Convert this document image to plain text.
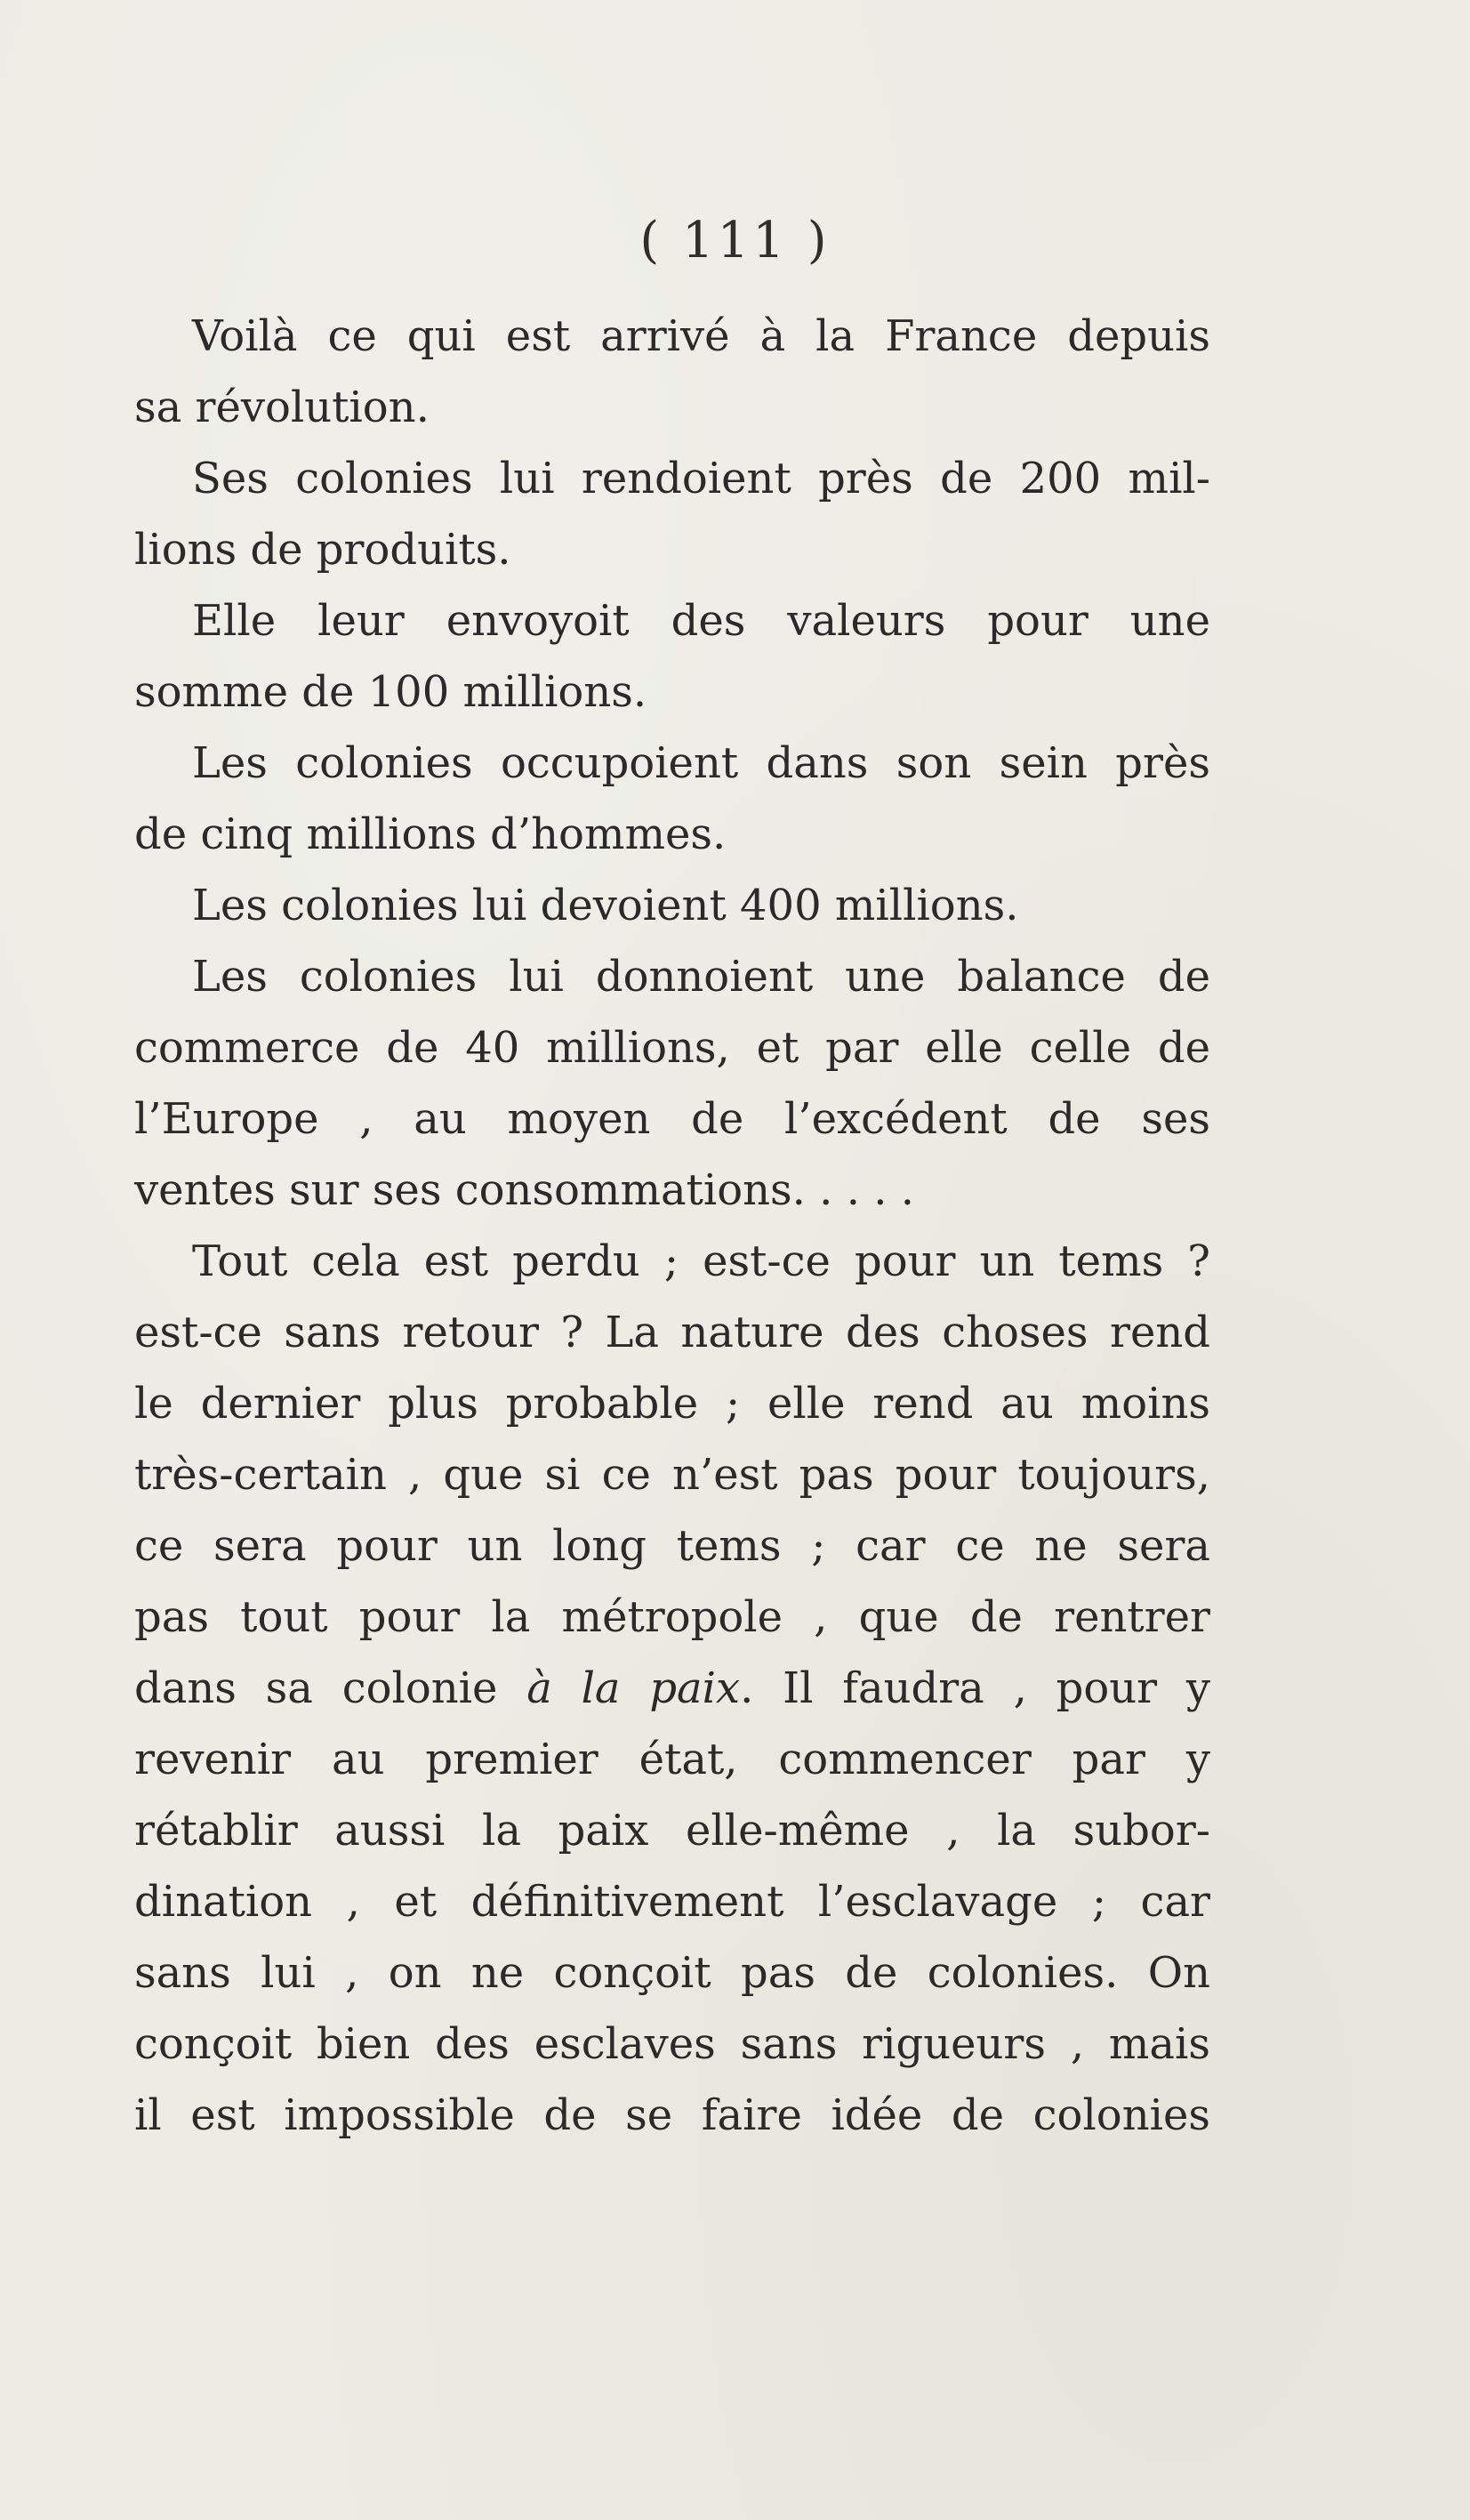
( 111 )
Voilà ce qui est arrivé à la France depuis
sa révolution.
Ses colonies lui rendoient près de 200 mil-
lions de produits.
Elle leur envoyoit des valeurs pour une
somme de 100 millions.
Les colonies occupoient dans son sein près
de cinq millions d’hommes.
Les colonies lui devoient 400 millions.
Les colonies lui donnoient une balance de
commerce de 40 millions, et par elle celle de
l’Europe , au moyen de l’excédent de ses
ventes sur ses consommations. . . . .
Tout cela est perdu ; est-ce pour un tems ?
est-ce sans retour ? La nature des choses rend
le dernier plus probable ; elle rend au moins
très-certain , que si ce n’est pas pour toujours,
ce sera pour un long tems ; car ce ne sera
pas tout pour la métropole , que de rentrer
dans sa colonie à la paix. Il faudra , pour y
revenir au premier état, commencer par y
rétablir aussi la paix elle-même , la subor-
dination , et définitivement l’esclavage ; car
sans lui , on ne conçoit pas de colonies. On
conçoit bien des esclaves sans rigueurs , mais
il est impossible de se faire idée de colonies
